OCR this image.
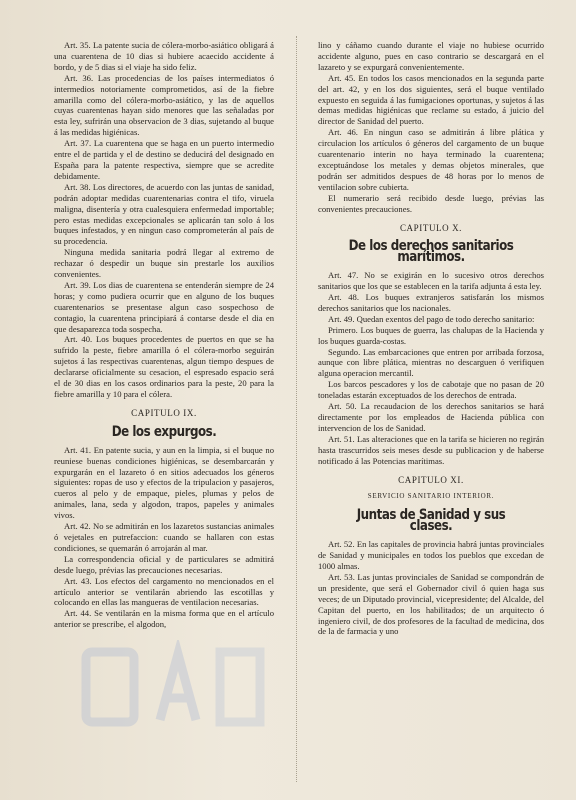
Art. 35. La patente sucia de cólera-morbo-asiático obligará á una cuarentena de 10 dias si hubiere acaecido accidente á bordo, y de 5 dias si el viaje ha sido feliz.

Art. 36. Las procedencias de los países intermediatos ó intermedios notoriamente comprometidos, así de la fiebre amarilla como del cólera-morbo-asiático, y las de aquellos cuyas cuarentenas hayan sido menores que las señaladas por esta ley, sufrirán una observacion de 3 dias, sujetando al buque á las medidas higiénicas.

Art. 37. La cuarentena que se haga en un puerto intermedio entre el de partida y el de destino se deducirá del designado en España para la patente respectiva, siempre que se acredite debidamente.

Art. 38. Los directores, de acuerdo con las juntas de sanidad, podrán adoptar medidas cuarentenarias contra el tifo, viruela maligna, disentería y otra cualesquiera enfermedad importable; pero estas medidas excepcionales se aplicarán tan solo á los buques infestados, y en ningun caso comprometerán al país de su procedencia.

Ninguna medida sanitaria podrá llegar al extremo de rechazar ó despedir un buque sin prestarle los auxilios convenientes.

Art. 39. Los dias de cuarentena se entenderán siempre de 24 horas; y como pudiera ocurrir que en alguno de los buques cuarentenarios se presentase algun caso sospechoso de contagio, la cuarentena principiará á contarse desde el dia en que desaparezca toda sospecha.

Art. 40. Los buques procedentes de puertos en que se ha sufrido la peste, fiebre amarilla ó el cólera-morbo seguirán sujetos á las respectivas cuarentenas, algun tiempo despues de declararse oficialmente su cesacion, el espresado espacio será el de 30 dias en los casos ordinarios para la peste, 20 para la fiebre amarilla y 10 para el cólera.

CAPITULO IX.
De los expurgos.

Art. 41. En patente sucia, y aun en la limpia, si el buque no reuniese buenas condiciones higiénicas, se desembarcarán y expurgarán en el lazareto ó en sitios adecuados los géneros siguientes: ropas de uso y efectos de la tripulacion y pasajeros, cueros al pelo y de empaque, pieles, plumas y pelos de animales, lana, seda y algodon, trapos, papeles y animales vivos.

Art. 42. No se admitirán en los lazaretos sustancias animales ó vejetales en putrefaccion: cuando se hallaren con estas condiciones, se quemarán ó arrojarán al mar.

La correspondencia oficial y de particulares se admitirá desde luego, prévias las precauciones necesarias.

Art. 43. Los efectos del cargamento no mencionados en el artículo anterior se ventilarán abriendo las escotillas y colocando en ellas las mangueras de ventilacion necesarias.

Art. 44. Se ventilarán en la misma forma que en el artículo anterior se prescribe, el algodon,

lino y cáñamo cuando durante el viaje no hubiese ocurrido accidente alguno, pues en caso contrario se descargará en el lazareto y se expurgará convenientemente.

Art. 45. En todos los casos mencionados en la segunda parte del art. 42, y en los dos siguientes, será el buque ventilado expuesto en seguida á las fumigaciones oportunas, y sujetos á las demas medidas higiénicas que reclame su estado, á juicio del director de Sanidad del puerto.

Art. 46. En ningun caso se admitirán á libre plática y circulacion los artículos ó géneros del cargamento de un buque cuarentenario interin no haya terminado la cuarentena; exceptuándose los metales y demas objetos minerales, que podrán ser admitidos despues de 48 horas por lo menos de ventilacion sobre cubierta.

El numerario será recibido desde luego, prévias las convenientes precauciones.

CAPITULO X.
De los derechos sanitarios marítimos.

Art. 47. No se exigirán en lo sucesivo otros derechos sanitarios que los que se establecen en la tarifa adjunta á esta ley.

Art. 48. Los buques extranjeros satisfarán los mismos derechos sanitarios que los nacionales.

Art. 49. Quedan exentos del pago de todo derecho sanitario:

Primero. Los buques de guerra, las chalupas de la Hacienda y los buques guarda-costas.

Segundo. Las embarcaciones que entren por arribada forzosa, aunque con libre plática, mientras no descarguen ó verifiquen alguna operacion mercantil.

Los barcos pescadores y los de cabotaje que no pasan de 20 toneladas estarán exceptuados de los derechos de entrada.

Art. 50. La recaudacion de los derechos sanitarios se hará directamente por los empleados de Hacienda pública con intervencion de los de Sanidad.

Art. 51. Las alteraciones que en la tarifa se hicieren no regirán hasta trascurridos seis meses desde su publicacion y de haberse notificado á las Potencias marítimas.

CAPITULO XI.
SERVICIO SANITARIO INTERIOR.
Juntas de Sanidad y sus clases.

Art. 52. En las capitales de provincia habrá juntas provinciales de Sanidad y municipales en todos los pueblos que excedan de 1000 almas.

Art. 53. Las juntas provinciales de Sanidad se compondrán de un presidente, que será el Gobernador civil ó quien haga sus veces; de un Diputado provincial, vicepresidente; del Alcalde, del Capitan del puerto, en los habilitados; de un arquitecto ó ingeniero civil, de dos profesores de la facultad de medicina, dos de la de farmacia y uno
